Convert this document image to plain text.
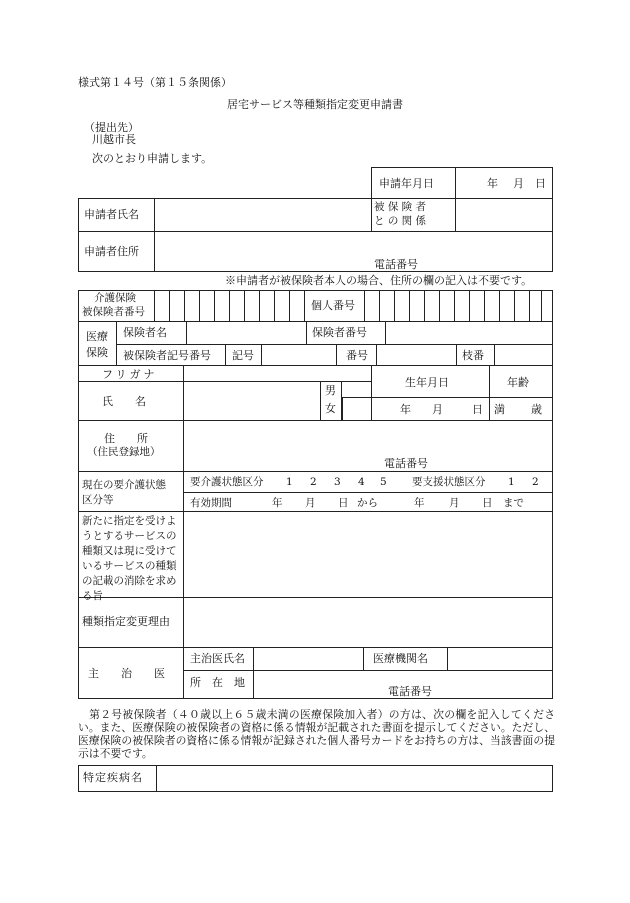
様式第１４号（第１５条関係）
居宅サービス等種類指定変更申請書
（提出先）
川越市長
次のとおり申請します。
申請年月日	年 月 日
申請者氏名
被 保 険 者
と の 関 係
申請者住所
電話番号
※申請者が被保険者本人の場合、住所の欄の記入は不要です。
介護保険
被保険者番号	個人番号
医療
保険
保険者名	保険者番号
被保険者記号番号 記号	番号	枝番
フリガナ
氏　　名
男
女
生年月日	年齢
年 月	日 満 歳
住　　所
（住民登録地）
電話番号
現在の要介護状態
区分等
要介護状態区分 1 2 3 4 5 要支援状態区分 1 2
有効期間	年 月 日 から	年 月 日 まで
新たに指定を受けようとするサービスの種類又は現に受けているサービスの種類の記載の消除を求める旨
種類指定変更理由
主　　治　　医
主治医氏名	医療機関名
所　在　地
電話番号
　第２号被保険者（４０歳以上６５歳未満の医療保険加入者）の方は、次の欄を記入してください。また、医療保険の被保険者の資格に係る情報が記載された書面を提示してください。ただし、医療保険の被保険者の資格に係る情報が記録された個人番号カードをお持ちの方は、当該書面の提示は不要です。
特定疾病名
